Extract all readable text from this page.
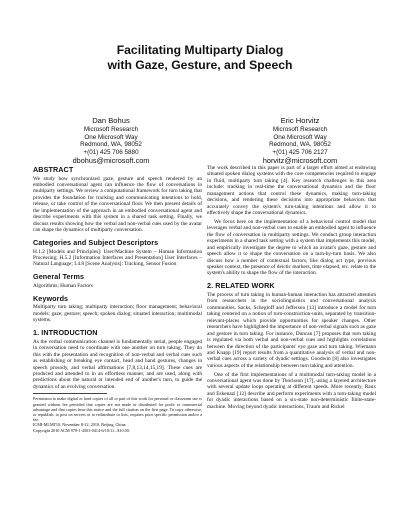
Facilitating Multiparty Dialog
with Gaze, Gesture, and Speech
Dan Bohus
Microsoft Research
One Microsoft Way
Redmond, WA, 98052
+(01) 425 706 5880
dbohus@microsoft.com
Eric Horvitz
Microsoft Research
One Microsoft Way
Redmond, WA, 98052
+(01) 425 706 2127
horvitz@microsoft.com
ABSTRACT

We study how synchronized gaze, gesture and speech rendered by an embodied conversational agent can influence the flow of conversations in multiparty settings. We review a computational framework for turn taking that provides the foundation for tracking and communicating intentions to hold, release, or take control of the conversational floor. We then present details of the implementation of the approach in an embodied conversational agent and describe experiments with this system in a shared task setting. Finally, we discuss results showing how the verbal and non-verbal cues used by the avatar can shape the dynamics of multiparty conversation.

Categories and Subject Descriptors

H.1.2 [Models and Principles]: User/Machine System – Human Information Processing; H.5.2 [Information Interfaces and Presentation] User Interfaces – Natural Language; I.4.8 [Scene Analysis]: Tracking, Sensor Fusion

General Terms

Algorithms; Human Factors

Keywords

Multiparty turn taking; multiparty interaction; floor management; behavioral models; gaze; gesture; speech; spoken dialog; situated interaction; multimodal systems.

1. INTRODUCTION

As the verbal communication channel is fundamentally serial, people engaged in conversation need to coordinate with one another on turn taking. They do this with the presentation and recognition of non-verbal and verbal cues such as establishing or breaking eye contact, head and hand gestures, changes in speech prosody, and verbal affirmations [7,8,13,14,15,19]. These cues are produced and attended to in an effortless manner, and are used, along with predictions about the natural or intended end of another's turn, to guide the dynamics of an evolving conversation.

Permission to make digital or hard copies of all or part of this work for personal or classroom use is granted without fee provided that copies are not made or distributed for profit or commercial advantage and that copies bear this notice and the full citation on the first page. To copy otherwise, or republish, to post on servers or to redistribute to lists, requires prior specific permission and/or a fee.

ICMI-MLMI'10, November 8-12, 2010, Beijing, China.

Copyright 2010 ACM 978-1-4503-0414-6/10/11...$10.00.

The work described in this paper is part of a larger effort aimed at endowing situated spoken dialog systems with the core competencies required to engage in fluid, multiparty turn taking [4]. Key research challenges in this area include: tracking in real-time the conversational dynamics and the floor management actions that control these dynamics, making turn-taking decisions, and rendering these decisions into appropriate behaviors that accurately convey the system's turn-taking intentions and allow it to effectively shape the conversational dynamics.

We focus here on the implementation of a behavioral control model that leverages verbal and non-verbal cues to enable an embodied agent to influence the flow of conversation in multiparty settings. We conduct group interaction experiments in a shared task setting with a system that implements this model, and empirically investigate the degree to which an avatar's gaze, gesture and speech allow it to shape the conversation on a turn-by-turn basis. We also discuss how a number of contextual factors, like dialog act type, previous speaker context, the presence of deictic markers, time elapsed, etc. relate to the system's ability to shape the flow of the interaction.

2. RELATED WORK

The process of turn taking in human-human interaction has attracted attention from researchers in the sociolinguistics and conversational analysis communities. Sacks, Schegloff and Jefferson [13] introduce a model for turn taking centered on a notion of turn-construction-units, separated by transition-relevant-places which provide opportunities for speaker changes. Other researchers have highlighted the importance of non-verbal signals such as gaze and gesture in turn taking. For instance, Duncan [7] proposes that turn taking is regulated via both verbal and non-verbal cues and highlights correlations between the direction of the participants' eye gaze and turn taking. Wiemann and Knapp [19] report results from a quantitative analysis of verbal and non-verbal cues across a variety of dyadic settings. Goodwin [8] also investigates various aspects of the relationship between turn taking and attention.

One of the first implementations of a multimodal turn-taking model in a conversational agent was done by Thorisson [17], using a layered architecture with several update loops operating at different speeds. More recently, Raux and Eskenazi [12] describe and perform experiments with a turn-taking model for dyadic interactions based on a six-state non-deterministic finite-state-machine. Moving beyond dyadic interactions, Traum and Rickel
